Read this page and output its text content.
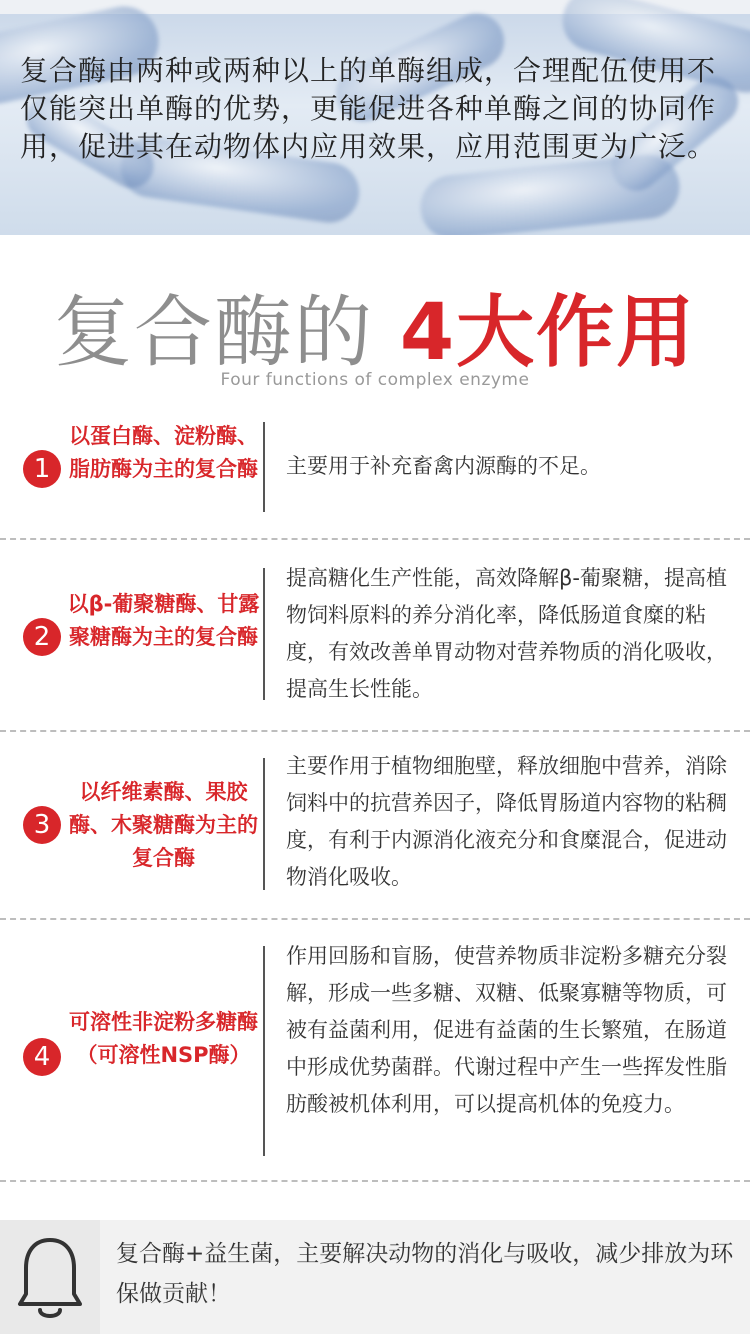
复合酶由两种或两种以上的单酶组成，合理配伍使用不仅能突出单酶的优势，更能促进各种单酶之间的协同作用，促进其在动物体内应用效果，应用范围更为广泛。
复合酶的 4大作用
Four functions of complex enzyme
1
以蛋白酶、淀粉酶、脂肪酶为主的复合酶 主要用于补充畜禽内源酶的不足。
2
以β-葡聚糖酶、甘露聚糖酶为主的复合酶
提高糖化生产性能，高效降解β-葡聚糖，提高植物饲料原料的养分消化率，降低肠道食糜的粘度，有效改善单胃动物对营养物质的消化吸收，提高生长性能。
3
以纤维素酶、果胶酶、木聚糖酶为主的复合酶
主要作用于植物细胞壁，释放细胞中营养，消除饲料中的抗营养因子，降低胃肠道内容物的粘稠度，有利于内源消化液充分和食糜混合，促进动物消化吸收。
4
可溶性非淀粉多糖酶（可溶性NSP酶）
作用回肠和盲肠，使营养物质非淀粉多糖充分裂解，形成一些多糖、双糖、低聚寡糖等物质，可被有益菌利用，促进有益菌的生长繁殖，在肠道中形成优势菌群。代谢过程中产生一些挥发性脂肪酸被机体利用，可以提高机体的免疫力。
复合酶+益生菌，主要解决动物的消化与吸收，减少排放为环保做贡献！
